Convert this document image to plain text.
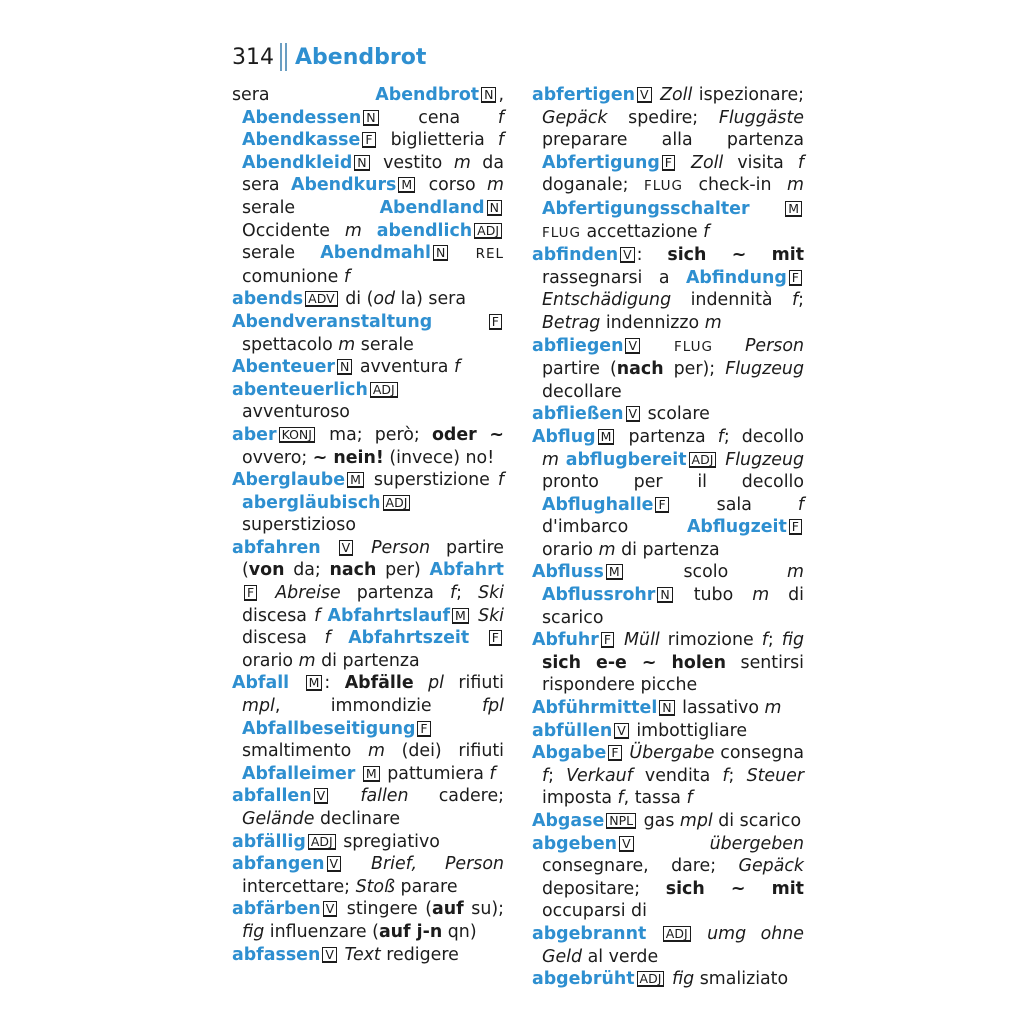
314 Abendbrot
sera Abendbrot N , Abendessen N cena f Abendkasse F biglietteria f Abendkleid N vestito m da sera Abendkurs M corso m serale Abendland N Occidente m abendlich ADJ serale Abendmahl N REL comunione f
abends ADV di (od la) sera
Abendveranstaltung	F spettacolo m serale
Abenteuer N avventura f
abenteuerlich ADJ avventuroso
aber KONJ ma; però; oder ~ ovvero; ~ nein! (invece) no!
Aberglaube M superstizione f abergläubisch ADJ superstizioso
abfahren V Person partire (von da; nach per) Abfahrt F Abreise partenza f; Ski discesa f Abfahrtslauf M Ski discesa f Abfahrtszeit F orario m di partenza
Abfall M : Abfälle pl rifiuti mpl, immondizie fpl Abfallbeseitigung F smaltimento m (dei) rifiuti Abfalleimer M pattumiera f
abfallen V fallen cadere; Gelände declinare
abfällig ADJ spregiativo
abfangen V Brief, Person intercettare; Stoß parare
abfärben V stingere (auf su); fig influenzare (auf j-n qn)
abfassen V Text redigere
abfertigen V Zoll ispezionare; Gepäck spedire; Fluggäste preparare alla partenza Abfertigung F Zoll visita f doganale; FLUG check-in m Abfertigungsschalter	M FLUG accettazione f
abfinden V : sich ~ mit rassegnarsi a Abfindung F Entschädigung indennità f; Betrag indennizzo m
abfliegen V	FLUG Person partire (nach per); Flugzeug decollare
abfließen V scolare
Abflug M partenza f; decollo m abflugbereit ADJ Flugzeug pronto per il decollo Abflughalle F sala f d'imbarco Abflugzeit F orario m di partenza
Abfluss M scolo m Abflussrohr N tubo m di scarico
Abfuhr F Müll rimozione f; fig sich e-e ~ holen sentirsi rispondere picche
Abführmittel N lassativo m
abfüllen V imbottigliare
Abgabe F Übergabe consegna f; Verkauf vendita f; Steuer imposta f, tassa f
Abgase NPL gas mpl di scarico
abgeben V	übergeben consegnare, dare; Gepäck depositare; sich ~ mit occuparsi di
abgebrannt ADJ umg ohne Geld al verde
abgebrüht ADJ fig smaliziato
